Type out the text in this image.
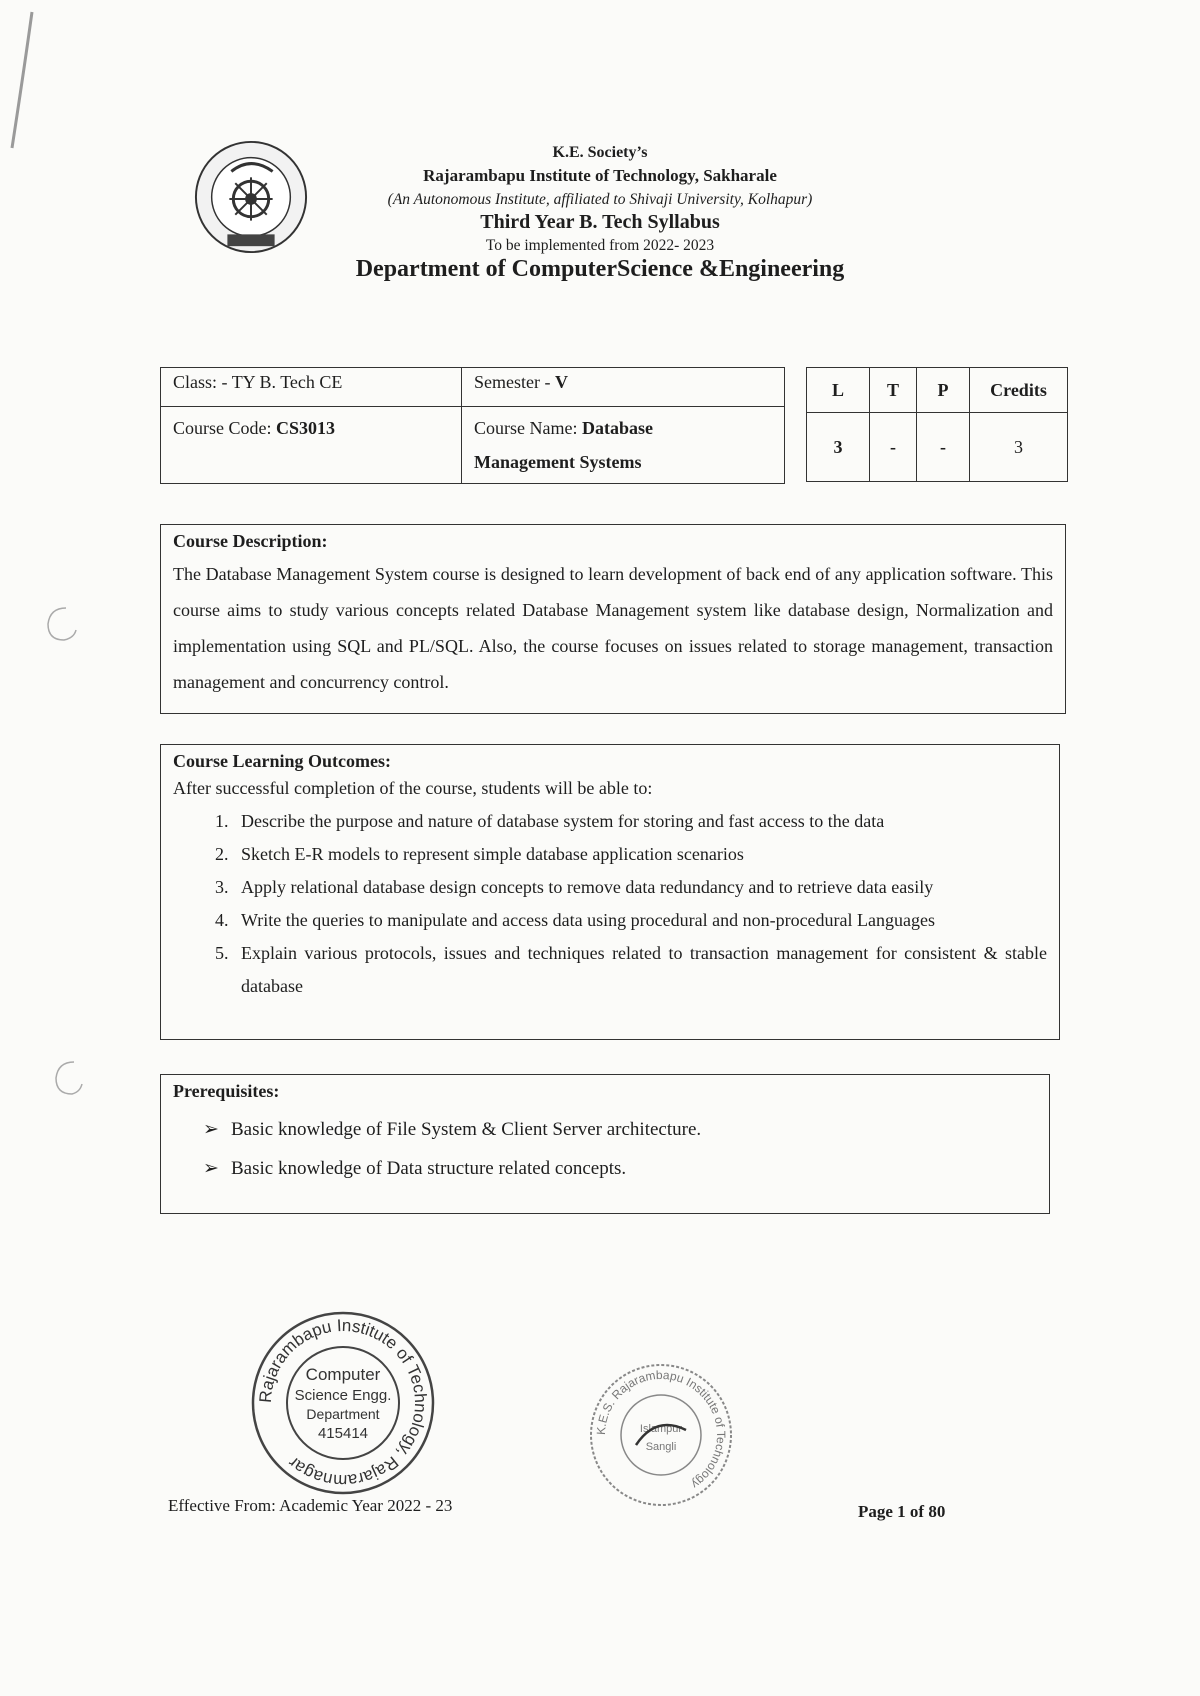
K.E. Society’s
Rajarambapu Institute of Technology, Sakharale
(An Autonomous Institute, affiliated to Shivaji University, Kolhapur)
Third Year B. Tech Syllabus
To be implemented from 2022- 2023
Department of ComputerScience &Engineering
Class: - TY B. Tech CE	Semester - V
Course Code: CS3013	Course Name: Database
Management Systems
L	T	P	Credits
3	-	-	3
Course Description:

The Database Management System course is designed to learn development of back end of any application software. This course aims to study various concepts related Database Management system like database design, Normalization and implementation using SQL and PL/SQL. Also, the course focuses on issues related to storage management, transaction management and concurrency control.

Course Learning Outcomes:
After successful completion of the course, students will be able to:
1. Describe the purpose and nature of database system for storing and fast access to the data
2. Sketch E-R models to represent simple database application scenarios
3. Apply relational database design concepts to remove data redundancy and to retrieve data easily
4. Write the queries to manipulate and access data using procedural and non-procedural Languages
5. Explain various protocols, issues and techniques related to transaction management for consistent & stable database
Prerequisites:
➢ Basic knowledge of File System & Client Server architecture.
➢ Basic knowledge of Data structure related concepts.
Rajarambapu Institute of Technology, Rajaramnagar
Computer
Science Engg.
Department
415414	K.E.S. Rajarambapu Institute of Technology
Islampur
Sangli
Effective From: Academic Year 2022 - 23	Page 1 of 80
